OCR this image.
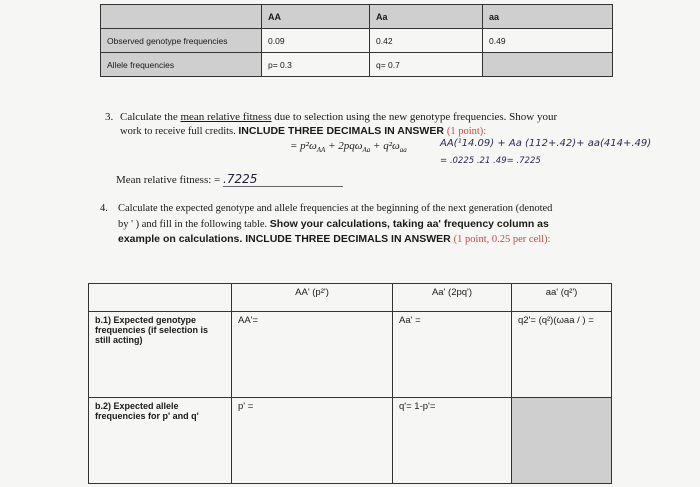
	AA	Aa	aa
Observed genotype frequencies	0.09	0.42	0.49
Allele frequencies	p= 0.3	q= 0.7	
3. Calculate the mean relative fitness due to selection using the new genotype frequencies. Show your
work to receive full credits. INCLUDE THREE DECIMALS IN ANSWER (1 point):
= $p^2\omega_{AA} + 2pq\omega_{Aa} + q^2\omega_{aa}$
AA(¹14.09) + Aa (112+.42)+ aa(414+.49)
= .0225 .21 .49= .7225
Mean relative fitness: = .7225
4. Calculate the expected genotype and allele frequencies at the beginning of the next generation (denoted
by ' ) and fill in the following table. Show your calculations, taking aa' frequency column as
example on calculations. INCLUDE THREE DECIMALS IN ANSWER (1 point, 0.25 per cell):
	AA' (p²')	Aa' (2pq')	aa' (q²')
b.1) Expected genotype frequencies (if selection is still acting)	AA'=	Aa' =	q2'= (q²)(ωaa / ) =
b.2) Expected allele frequencies for p' and q'	p' =	q'= 1-p'=	
